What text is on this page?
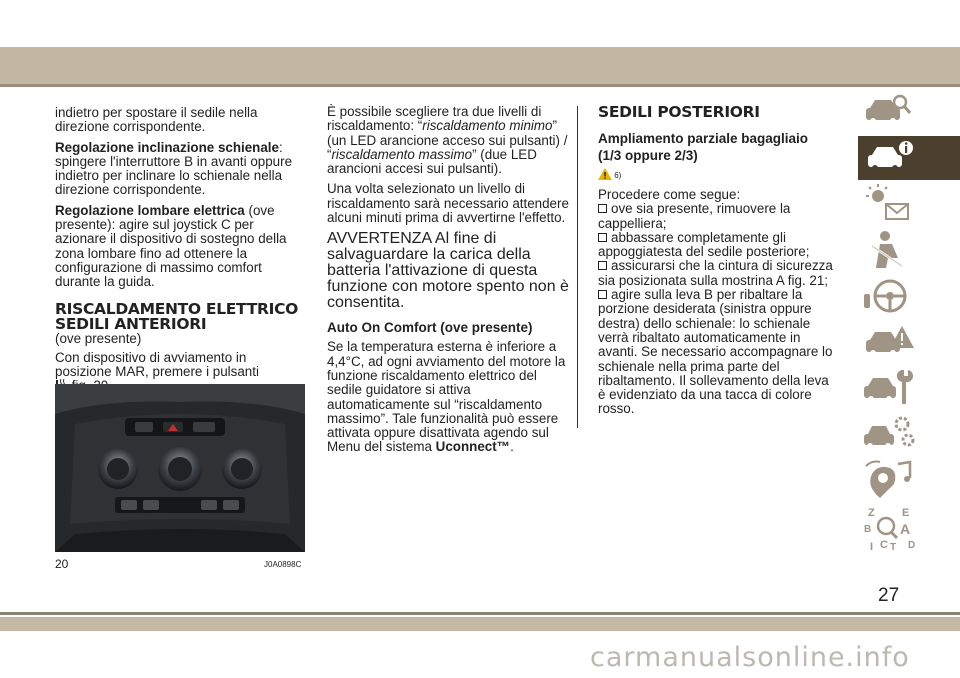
indietro per spostare il sedile nella direzione corrispondente.

Regolazione inclinazione schienale: spingere l'interruttore B in avanti oppure indietro per inclinare lo schienale nella direzione corrispondente.

Regolazione lombare elettrica (ove presente): agire sul joystick C per azionare il dispositivo di sostegno della zona lombare fino ad ottenere la configurazione di massimo comfort durante la guida.

RISCALDAMENTO ELETTRICO
SEDILI ANTERIORI

(ove presente)

Con dispositivo di avviamento in posizione MAR, premere i pulsanti

20	J0A0898C

È possibile scegliere tra due livelli di riscaldamento: “riscaldamento minimo” (un LED arancione acceso sui pulsanti) / “riscaldamento massimo” (due LED arancioni accesi sui pulsanti).

Una volta selezionato un livello di riscaldamento sarà necessario attendere alcuni minuti prima di avvertirne l'effetto.

AVVERTENZA Al fine di salvaguardare la carica della batteria l'attivazione di questa funzione con motore spento non è consentita.

Auto On Comfort (ove presente)

Se la temperatura esterna è inferiore a 4,4°C, ad ogni avviamento del motore la funzione riscaldamento elettrico del sedile guidatore si attiva automaticamente sul “riscaldamento massimo”. Tale funzionalità può essere attivata oppure disattivata agendo sul Menu del sistema Uconnect™.

SEDILI POSTERIORI
Ampliamento parziale bagagliaio
(1/3 oppure 2/3)

6)

Procedere come segue:

ove sia presente, rimuovere la cappelliera;
abbassare completamente gli appoggiatesta del sedile posteriore;
assicurarsi che la cintura di sicurezza sia posizionata sulla mostrina A fig. 21;
agire sulla leva B per ribaltare la porzione desiderata (sinistra oppure destra) dello schienale: lo schienale verrà ribaltato automaticamente in avanti. Se necessario accompagnare lo schienale nella prima parte del ribaltamento. Il sollevamento della leva è evidenziato da una tacca di colore rosso.
Z E
B A
C D
I T
27
carmanualsonline.info
